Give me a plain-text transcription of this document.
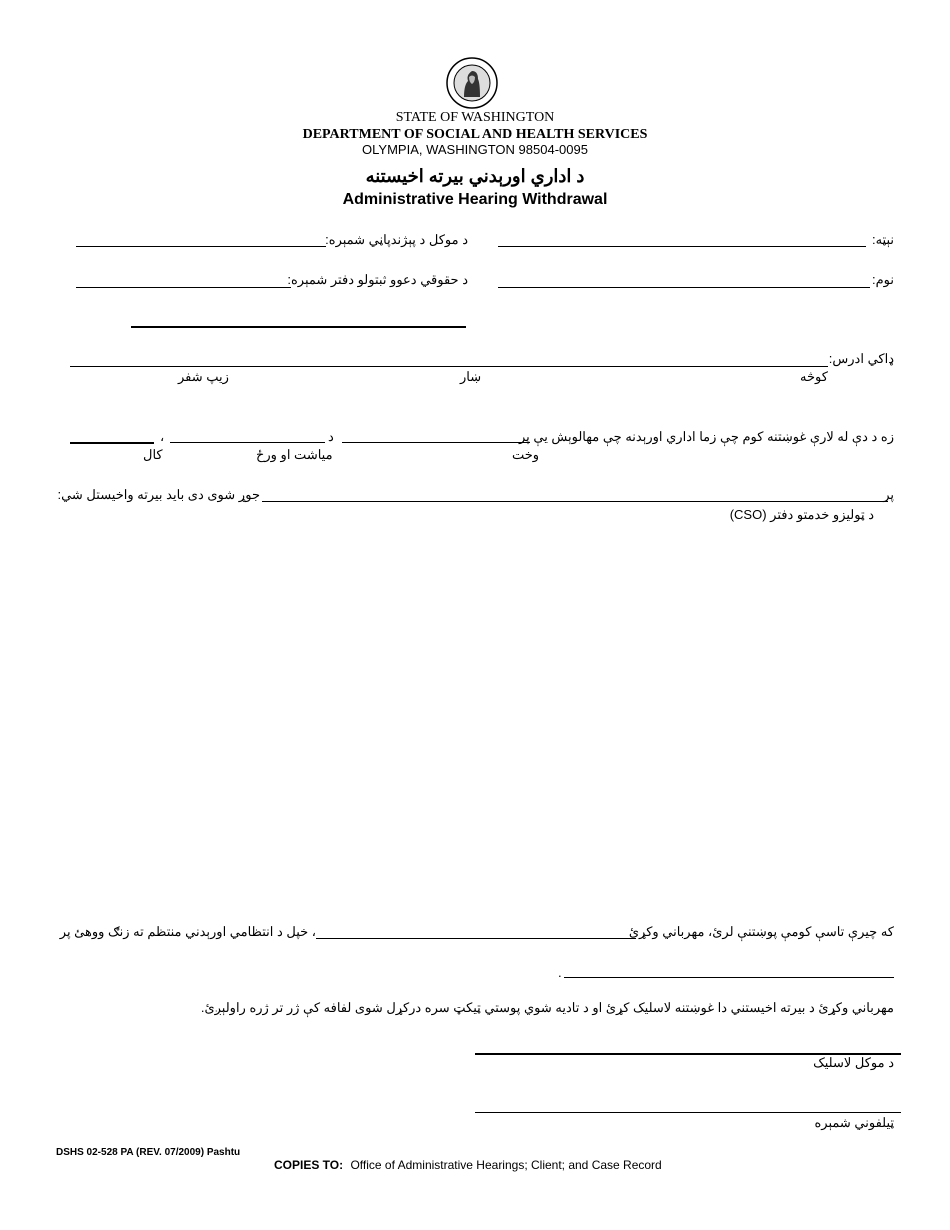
STATE OF WASHINGTON
DEPARTMENT OF SOCIAL AND HEALTH SERVICES
OLYMPIA, WASHINGTON 98504-0095
د اداري اورېدني بيرته اخيستنه
Administrative Hearing Withdrawal
نېټه:
د موکل د پېژندپاڼي شمېره:
نوم:
د حقوقي دعوو ثبتولو دفتر شمېره:
ډاکي ادرس:
کوڅه
ښار
زيپ شفر
زه د دې له لارې غوښتنه کوم چې زما اداري اورېدنه چې مهالوېش يې پر
د
،
وخت
مياشت او ورځ
کال
پر
جوړ شوی دی بايد بيرته واخيستل شي:
د ټوليزو خدمتو دفتر (CSO)
که چيرې تاسې کومې پوښتنې لرئ، مهرباني وکړئ
، خپل د انتظامي اورېدني منتظم ته زنګ ووهئ پر
.
مهرباني وکړئ د بيرته اخيستني دا غوښتنه لاسليک کړئ او د تاديه شوي پوستي ټيکټ سره درکړل شوی لفافه کې ژر تر ژره راولېږئ.
د موکل لاسليک
ټيلفوني شمېره
DSHS 02-528 PA (REV. 07/2009) Pashtu
COPIES TO: Office of Administrative Hearings; Client; and Case Record
